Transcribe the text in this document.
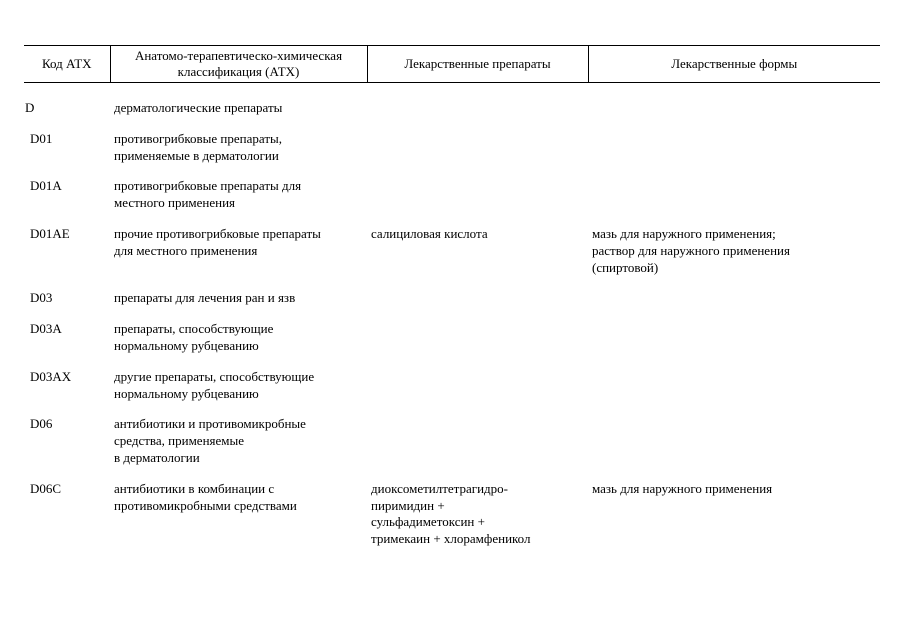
Код АТХ	Анатомо-терапевтическо-химическая
классификация (АТХ)	Лекарственные препараты	Лекарственные формы
D	дерматологические препараты		

D01	противогрибковые препараты,
применяемые в дерматологии		

D01A	противогрибковые препараты для
местного применения		

D01AE	прочие противогрибковые препараты
для местного применения	салициловая кислота	мазь для наружного применения;
раствор для наружного применения
(спиртовой)

D03	препараты для лечения ран и язв		

D03A	препараты, способствующие
нормальному рубцеванию		

D03AX	другие препараты, способствующие
нормальному рубцеванию		

D06	антибиотики и противомикробные
средства, применяемые
в дерматологии		

D06C	антибиотики в комбинации с
противомикробными средствами	диоксометилтетрагидро-
пиримидин +
сульфадиметоксин +
тримекаин + хлорамфеникол	мазь для наружного применения
